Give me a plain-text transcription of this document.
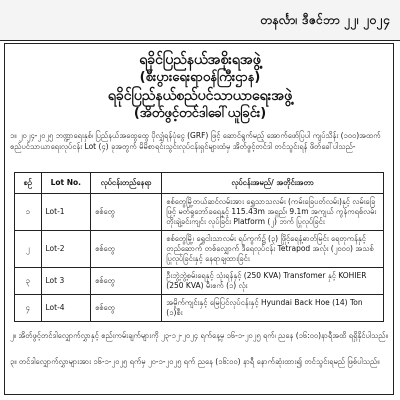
တနင်္လာ၊ ဒီဇင်ဘာ ၂၂၊ ၂၀၂၄
ရခိုင်ပြည်နယ်အစိုးရအဖွဲ့
(စီးပွားရေးရာဝန်ကြီးဌာန)
ရခိုင်ပြည်နယ်စည်ပင်သာယာရေးအဖွဲ့
(အိတ်ဖွင့်တင်ဒါခေါ်ယူခြင်း)
၁။ ၂၀၂၄-၂၀၂၅ ဘဏ္ဍာရေးနှစ်၊ ပြည်နယ်အထွေထွေ ပိုလျှံရန်ပုံငွေ (GRF) ဖြင့် ဆောင်ရွက်မည့် အောက်ဖော်ပြပါ ကျပ်သိန်း (၁၀၀)အထက် စည်ပင်သာယာရေးလုပ်ငန်း Lot (၄) ခုအတွက် မိမိစာရင်းသွင်းလုပ်ငန်းရှင်များထံမှ အိတ်ဖွင့်တင်ဒါ တင်သွင်းရန် ဖိတ်ခေါ်ပါသည်-
စဉ်	Lot No.	လုပ်ငန်းတည်နေရာ	လုပ်ငန်းအမည်/ အတိုင်းအတာ
၁	Lot-1	စစ်တွေ	စစ်တွေမြို့တယ်ဆင်လမ်းအား ရွှေသာသလမ်း (ကမ်းခြေပတ်လမ်း)နှင့် လမ်းခြေဖြင့် မတ်ရှုဘော်ခရေနှင့် 115.43m အရှည်၊ 9.1m အကျယ် ကွန်ကရစ်လမ်း တိုးချဲ့ခင်းကျင်း လုပ်ခြင်း Platform (၂) ဘက် ပြုလုပ်ခြင်း
၂	Lot-2	စစ်တွေ	စစ်တွေမြို့၊ ရွှေငါးသာလမ်း ရပ်ကွက်၌ (၃) ဖြိုင့်ရေနံ့ဓာတ်မြင်း ရေတုကန်နှင့် တည်ဆောက် တစ်လျှောက် ဒီရေလုပ်ငန်း Tetrapod အလုံး (၂၀၀၀) အသစ် ပြုလုပ်ခြင်းနှင့် နေရာချထားခြင်း
၃	Lot 3	စစ်တွေ	ဦးဘွဲ့ဘွဲ့စမ်းရေနှင့် သုံးရန်နှင့် (250 KVA) Transfomer နှင့် KOHIER (250 KVA) မီးစက် (၁) လုံး
၄	Lot-4	စစ်တွေ	အမှိုက်ကျင်းနှင့် မြေပြင်လုပ်ငန်းနှင့် Hyundai Back Hoe (14) Ton (၁)စီး
၂။ အိတ်ဖွင့်တင်ဒါလျှောက်လွှာနှင့် စည်းကမ်းချက်များကို ၂၃-၁၂-၂၀၂၄ ရက်နေ့မှ ၁၆-၁-၂၀၂၅ ရက်၊ ညနေ (၁၆:၀၀)နာရီအထိ ရရှိနိုင်ပါသည်။
၃။ တင်ဒါလျှောက်လွှာများအား ၁၆-၁-၂၀၂၅ ရက်မှ ၂၀-၁-၂၀၂၅ ရက် ညနေ (၁၆:၀၀) နာရီ နောက်ဆုံးထား၍ တင်သွင်းရမည် ဖြစ်ပါသည်။
